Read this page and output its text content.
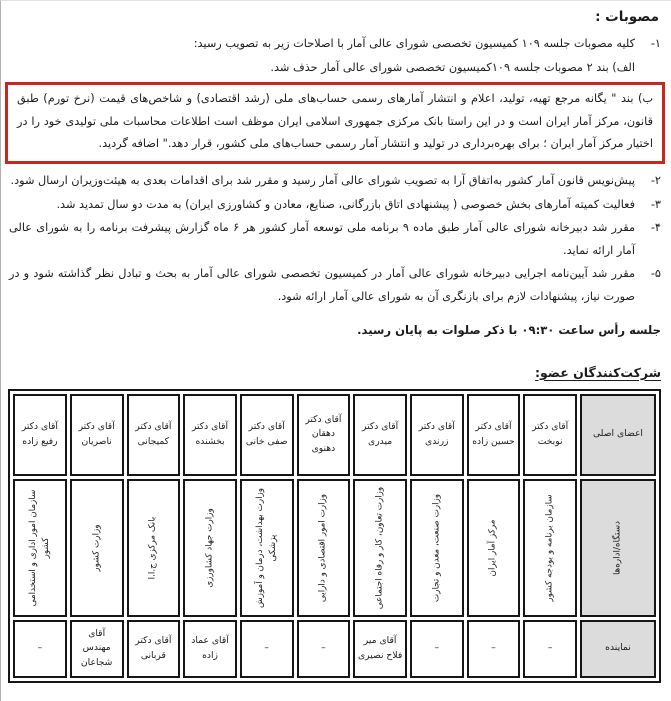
مصوبات :
۱-
کلیه مصوبات جلسه ۱۰۹ کمیسیون تخصصی شورای عالی آمار با اصلاحات زیر به تصویب رسید:
الف) بند ۲ مصوبات جلسه ۱۰۹کمیسیون تخصصی شورای عالی آمار حذف شد.
ب) بند " یگانه مرجع تهیه، تولید، اعلام و انتشار آمارهای رسمی حساب‌های ملی (رشد اقتصادی) و شاخص‌های قیمت (نرخ تورم) طبق قانون، مرکز آمار ایران است و در این راستا بانک مرکزی جمهوری اسلامی ایران موظف است اطلاعات محاسبات ملی تولیدی خود را در اختیار مرکز آمار ایران ؛ برای بهره‌برداری در تولید و انتشار آمار رسمی حساب‌های ملی کشور، قرار دهد." اضافه گردید.
۲-
پیش‌نویس قانون آمار کشور به‌اتفاق آرا به تصویب شورای عالی آمار رسید و مقرر شد برای اقدامات بعدی به هیئت‌وزیران ارسال شود.
۳-
فعالیت کمیته آمارهای بخش خصوصی ( پیشنهادی اتاق بازرگانی، صنایع، معادن و کشاورزی ایران) به مدت دو سال تمدید شد.
۴-
مقرر شد دبیرخانه شورای عالی آمار طبق ماده ۹ برنامه ملی توسعه آمار کشور هر ۶ ماه گزارش پیشرفت برنامه را به شورای عالی آمار ارائه نماید.
۵-
مقرر شد آیین‌نامه اجرایی دبیرخانه شورای عالی آمار در کمیسیون تخصصی شورای عالی آمار به بحث و تبادل نظر گذاشته شود و در صورت نیاز، پیشنهادات لازم برای بازنگری آن به شورای عالی آمار ارائه شود.

جلسه رأس ساعت ۰۹:۳۰ با ذکر صلوات به پایان رسید.

شرکت‌کنندگان عضو:
اعضای اصلی	آقای دکتر نوبخت	آقای دکتر حسین زاده	آقای دکتر زرندی	آقای دکتر میدری	آقای دکتر دهقان دهنوی	آقای دکتر صفی خانی	آقای دکتر بخشنده	آقای دکتر کمیجانی	آقای دکتر ناصریان	آقای دکتر رفیع زاده

دستگاه/اداره‌ها	سازمان برنامه و بودجه کشور	مرکز آمار ایران	وزارت صنعت، معدن و تجارت	وزارت تعاون، کار و رفاه اجتماعی	وزارت امور اقتصادی و دارایی	وزارت بهداشت، درمان و آموزش پزشکی	وزارت جهاد کشاورزی	بانک مرکزی ج.ا.ا	وزارت کشور	سازمان امور اداری و استخدامی کشور

نماینده	–	–	–	آقای میر فلاح نصیری	–	–	آقای عماد زاده	آقای دکتر قربانی	آقای مهندس شجاعان	–
